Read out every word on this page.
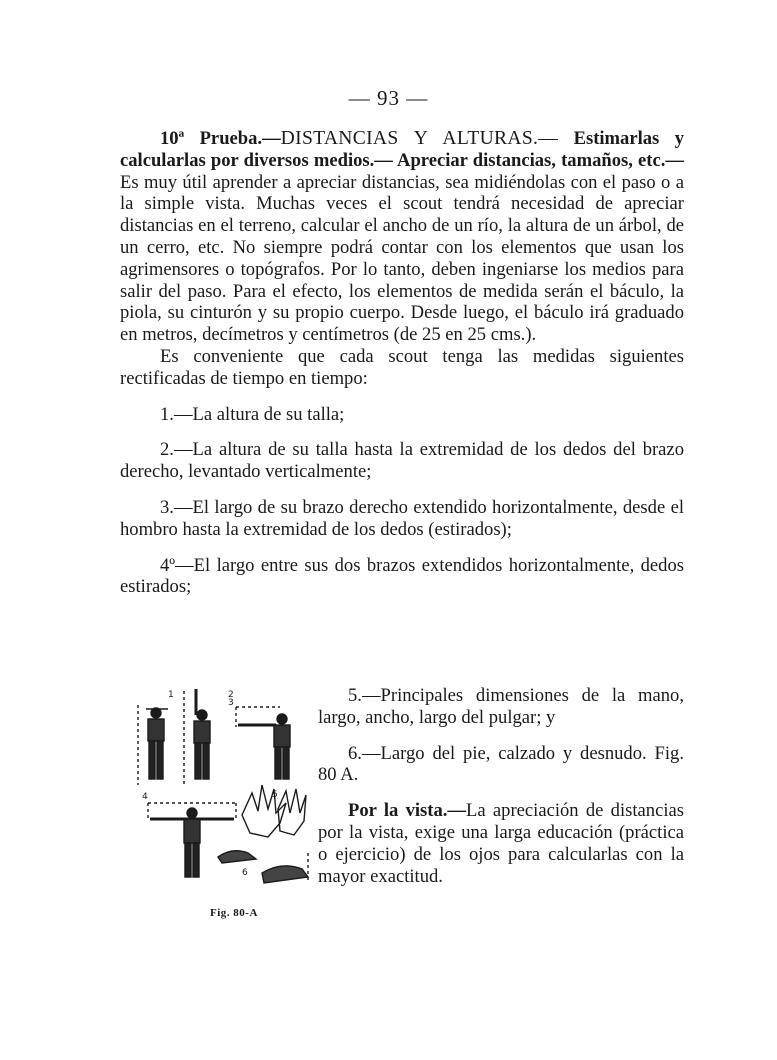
— 93 —

10ª Prueba.—DISTANCIAS Y ALTURAS.— Estimarlas y calcularlas por diversos medios.— Apreciar distancias, tamaños, etc.— Es muy útil aprender a apreciar distancias, sea midiéndolas con el paso o a la simple vista. Muchas veces el scout tendrá necesidad de apreciar distancias en el terreno, calcular el ancho de un río, la altura de un árbol, de un cerro, etc. No siempre podrá contar con los elementos que usan los agrimensores o topógrafos. Por lo tanto, deben ingeniarse los medios para salir del paso. Para el efecto, los elementos de medida serán el báculo, la piola, su cinturón y su propio cuerpo. Desde luego, el báculo irá graduado en metros, decímetros y centímetros (de 25 en 25 cms.).

Es conveniente que cada scout tenga las medidas siguientes rectificadas de tiempo en tiempo:

1.—La altura de su talla;

2.—La altura de su talla hasta la extremidad de los dedos del brazo derecho, levantado verticalmente;

3.—El largo de su brazo derecho extendido horizontalmente, desde el hombro hasta la extremidad de los dedos (estirados);

4º—El largo entre sus dos brazos extendidos horizontalmente, dedos estirados;

1	2
3
4	5
6
Fig. 80-A

5.—Principales dimensiones de la mano, largo, ancho, largo del pulgar; y

6.—Largo del pie, calzado y desnudo. Fig. 80 A.

Por la vista.—La apreciación de distancias por la vista, exige una larga educación (práctica o ejercicio) de los ojos para calcularlas con la mayor exactitud.
